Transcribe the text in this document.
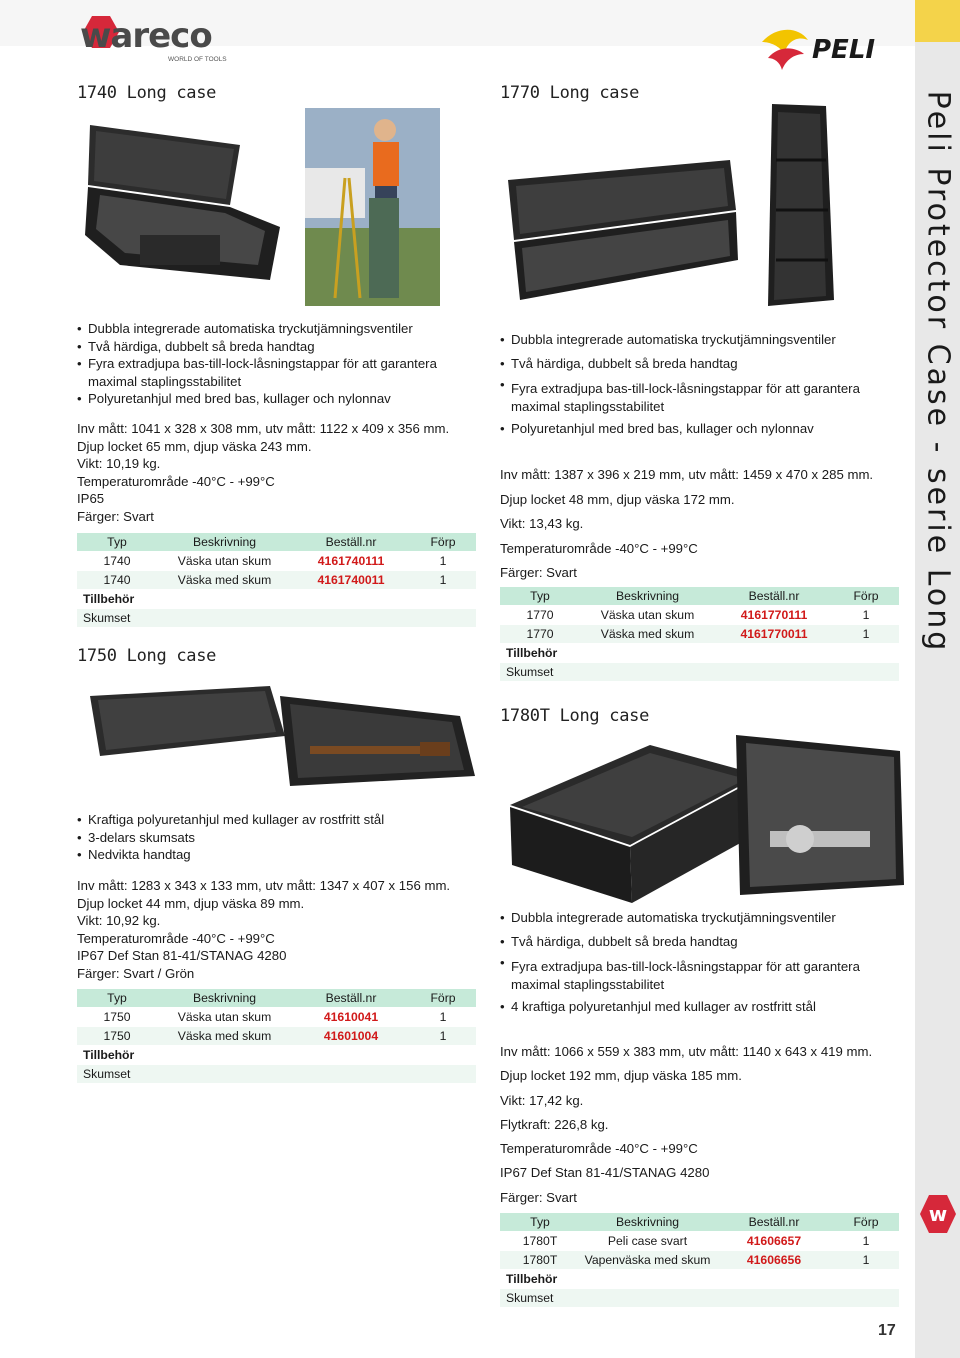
Peli Protector Case - serie Long
wareco
WORLD OF TOOLS	PELI
1740 Long case
• Dubbla integrerade automatiska tryckutjämningsventiler
• Två härdiga, dubbelt så breda handtag
• Fyra extradjupa bas-till-lock-låsningstappar för att garantera maximal staplingsstabilitet
• Polyuretanhjul med bred bas, kullager och nylonnav
Inv mått: 1041 x 328 x 308 mm, utv mått: 1122 x 409 x 356 mm.
Djup locket 65 mm, djup väska 243 mm.
Vikt: 10,19 kg.
Temperaturområde -40°C - +99°C
IP65
Färger: Svart
Typ	Beskrivning	Beställ.nr	Förp
1740	Väska utan skum	4161740111	1
1740	Väska med skum	4161740011	1
Tillbehör			
Skumset			
1750 Long case
• Kraftiga polyuretanhjul med kullager av rostfritt stål
• 3-delars skumsats
• Nedvikta handtag
Inv mått: 1283 x 343 x 133 mm, utv mått: 1347 x 407 x 156 mm.
Djup locket 44 mm, djup väska 89 mm.
Vikt: 10,92 kg.
Temperaturområde -40°C - +99°C
IP67 Def Stan 81-41/STANAG 4280
Färger: Svart / Grön
Typ	Beskrivning	Beställ.nr	Förp
1750	Väska utan skum	41610041	1
1750	Väska med skum	41601004	1
Tillbehör			
Skumset			
1770 Long case
• Dubbla integrerade automatiska tryckutjämningsventiler
• Två härdiga, dubbelt så breda handtag
• Fyra extradjupa bas-till-lock-låsningstappar för att garantera maximal staplingsstabilitet
• Polyuretanhjul med bred bas, kullager och nylonnav
Inv mått: 1387 x 396 x 219 mm, utv mått: 1459 x 470 x 285 mm.
Djup locket 48 mm, djup väska 172 mm.
Vikt: 13,43 kg.
Temperaturområde -40°C - +99°C
Färger: Svart
Typ	Beskrivning	Beställ.nr	Förp
1770	Väska utan skum	4161770111	1
1770	Väska med skum	4161770011	1
Tillbehör			
Skumset			
1780T Long case
• Dubbla integrerade automatiska tryckutjämningsventiler
• Två härdiga, dubbelt så breda handtag
• Fyra extradjupa bas-till-lock-låsningstappar för att garantera maximal staplingsstabilitet
• 4 kraftiga polyuretanhjul med kullager av rostfritt stål
Inv mått: 1066 x 559 x 383 mm, utv mått: 1140 x 643 x 419 mm.
Djup locket 192 mm, djup väska 185 mm.
Vikt: 17,42 kg.
Flytkraft: 226,8 kg.
Temperaturområde -40°C - +99°C
IP67 Def Stan 81-41/STANAG 4280
Färger: Svart
Typ	Beskrivning	Beställ.nr	Förp
1780T	Peli case svart	41606657	1
1780T	Vapenväska med skum	41606656	1
Tillbehör			
Skumset			
w
17
